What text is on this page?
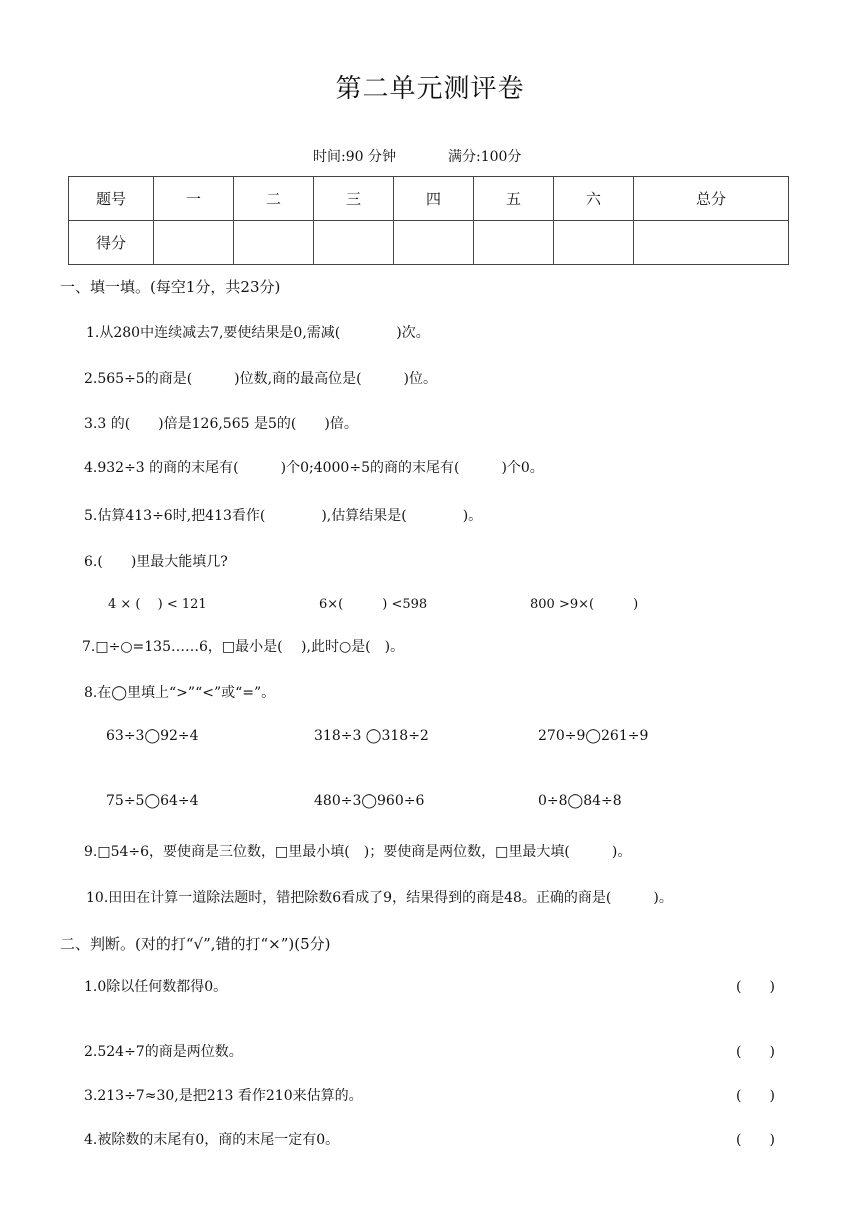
第二单元测评卷
时间:90 分钟	满分:100分
题号	一	二	三	四	五	六	总分
得分							
一、填一填。(每空1分，共23分)
1.从280中连续减去7,要使结果是0,需减(　　　　)次。
2.565÷5的商是(　　　)位数,商的最高位是(　　　)位。
3.3 的(　　)倍是126,565 是5的(　　)倍。
4.932÷3 的商的末尾有(　　　)个0;4000÷5的商的末尾有(　　　)个0。
5.估算413÷6时,把413看作(　　　　),估算结果是(　　　　)。
6.(　　)里最大能填几?
4 × (　 ) < 121	6×(　　　) <598	800 >9×(　　　)
7.□÷○=135……6，□最小是(　 ),此时○是(　)。
8.在◯里填上“>”“<”或“=”。
63÷3◯92÷4	318÷3 ◯318÷2	270÷9◯261÷9
75÷5◯64÷4	480÷3◯960÷6	0÷8◯84÷8
9.□54÷6，要使商是三位数，□里最小填(　)；要使商是两位数，□里最大填(　　　)。
10.田田在计算一道除法题时，错把除数6看成了9，结果得到的商是48。正确的商是(　　　)。
二、判断。(对的打“√”,错的打“×”)(5分)
1.0除以任何数都得0。	(　　)
2.524÷7的商是两位数。	(　　)
3.213÷7≈30,是把213 看作210来估算的。	(　　)
4.被除数的末尾有0，商的末尾一定有0。	(　　)
